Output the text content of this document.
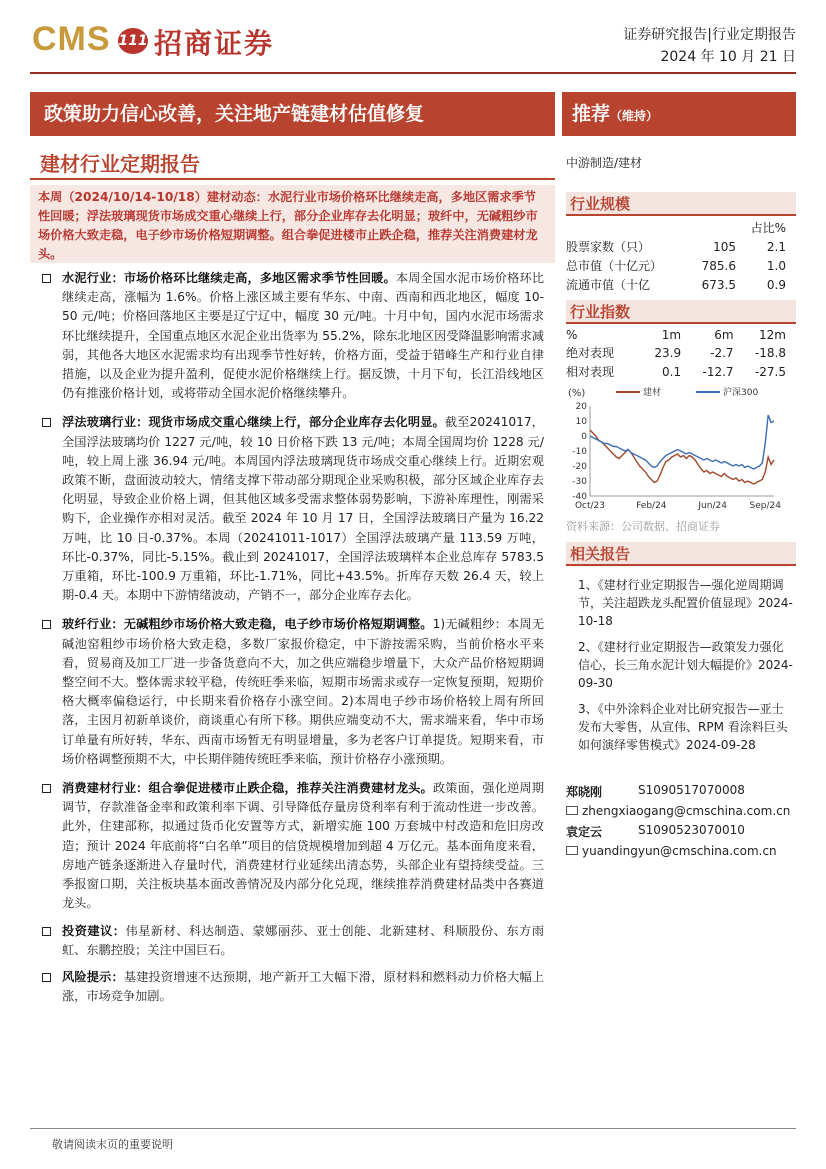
CMS 111 招商证券	证券研究报告|行业定期报告
2024 年 10 月 21 日
政策助力信心改善，关注地产链建材估值修复	推荐（维持）
建材行业定期报告
本周（2024/10/14-10/18）建材动态：水泥行业市场价格环比继续走高，多地区需求季节性回暖；浮法玻璃现货市场成交重心继续上行，部分企业库存去化明显；玻纤中，无碱粗纱市场价格大致走稳，电子纱市场价格短期调整。组合拳促进楼市止跌企稳，推荐关注消费建材龙头。
水泥行业：市场价格环比继续走高，多地区需求季节性回暖。本周全国水泥市场价格环比继续走高，涨幅为 1.6%。价格上涨区域主要有华东、中南、西南和西北地区，幅度 10-50 元/吨；价格回落地区主要是辽宁辽中，幅度 30 元/吨。十月中旬，国内水泥市场需求环比继续提升，全国重点地区水泥企业出货率为 55.2%，除东北地区因受降温影响需求减弱，其他各大地区水泥需求均有出现季节性好转，价格方面，受益于错峰生产和行业自律措施，以及企业为提升盈利，促使水泥价格继续上行。据反馈，十月下旬，长江沿线地区仍有推涨价格计划，或将带动全国水泥价格继续攀升。
浮法玻璃行业：现货市场成交重心继续上行，部分企业库存去化明显。截至20241017，全国浮法玻璃均价 1227 元/吨，较 10 日价格下跌 13 元/吨；本周全国周均价 1228 元/吨，较上周上涨 36.94 元/吨。本周国内浮法玻璃现货市场成交重心继续上行。近期宏观政策不断，盘面波动较大，情绪支撑下带动部分期现企业采购积极，部分区域企业库存去化明显，导致企业价格上调，但其他区域多受需求整体弱势影响，下游补库理性，刚需采购下，企业操作亦相对灵活。截至 2024 年 10 月 17 日，全国浮法玻璃日产量为 16.22 万吨，比 10 日-0.37%。本周（20241011-1017）全国浮法玻璃产量 113.59 万吨，环比-0.37%，同比-5.15%。截止到 20241017，全国浮法玻璃样本企业总库存 5783.5 万重箱，环比-100.9 万重箱，环比-1.71%，同比+43.5%。折库存天数 26.4 天，较上期-0.4 天。本期中下游情绪波动，产销不一，部分企业库存去化。
玻纤行业：无碱粗纱市场价格大致走稳，电子纱市场价格短期调整。1)无碱粗纱：本周无碱池窑粗纱市场价格大致走稳，多数厂家报价稳定，中下游按需采购，当前价格水平来看，贸易商及加工厂进一步备货意向不大，加之供应端稳步增量下，大众产品价格短期调整空间不大。整体需求较平稳，传统旺季来临，短期市场需求或存一定恢复预期，短期价格大概率偏稳运行，中长期来看价格存小涨空间。2)本周电子纱市场价格较上周有所回落，主因月初新单谈价，商谈重心有所下移。期供应端变动不大，需求端来看，华中市场订单量有所好转，华东、西南市场暂无有明显增量，多为老客户订单提货。短期来看，市场价格调整预期不大，中长期伴随传统旺季来临，预计价格存小涨预期。
消费建材行业：组合拳促进楼市止跌企稳，推荐关注消费建材龙头。政策面，强化逆周期调节，存款准备金率和政策利率下调、引导降低存量房贷利率有利于流动性进一步改善。此外，住建部称，拟通过货币化安置等方式，新增实施 100 万套城中村改造和危旧房改造；预计 2024 年底前将“白名单”项目的信贷规模增加到超 4 万亿元。基本面角度来看，房地产链条逐渐进入存量时代，消费建材行业延续出清态势，头部企业有望持续受益。三季报窗口期，关注板块基本面改善情况及内部分化兑现，继续推荐消费建材品类中各赛道龙头。
投资建议：伟星新材、科达制造、蒙娜丽莎、亚士创能、北新建材、科顺股份、东方雨虹、东鹏控股；关注中国巨石。
风险提示：基建投资增速不达预期，地产新开工大幅下滑，原材料和燃料动力价格大幅上涨，市场竞争加剧。
中游制造/建材
行业规模
		占比%
股票家数（只）	105	2.1
总市值（十亿元）	785.6	1.0
流通市值（十亿	673.5	0.9
行业指数
%	1m	6m	12m
绝对表现	23.9	-2.7	-18.8
相对表现	0.1	-12.7	-27.5
(%)
20
10
0
-10
-20
-30
-40
Oct/23	Feb/24	Jun/24	Sep/24
建材	沪深300
资料来源：公司数据、招商证券
相关报告
1、《建材行业定期报告—强化逆周期调节，关注超跌龙头配置价值显现》2024-10-18
2、《建材行业定期报告—政策发力强化信心，长三角水泥计划大幅提价》2024-09-30
3、《中外涂料企业对比研究报告—亚士发布大零售，从宣伟、RPM 看涂料巨头如何演绎零售模式》2024-09-28
郑晓刚	S1090517070008
zhengxiaogang@cmschina.com.cn
袁定云	S1090523070010
yuandingyun@cmschina.com.cn
敬请阅读末页的重要说明
